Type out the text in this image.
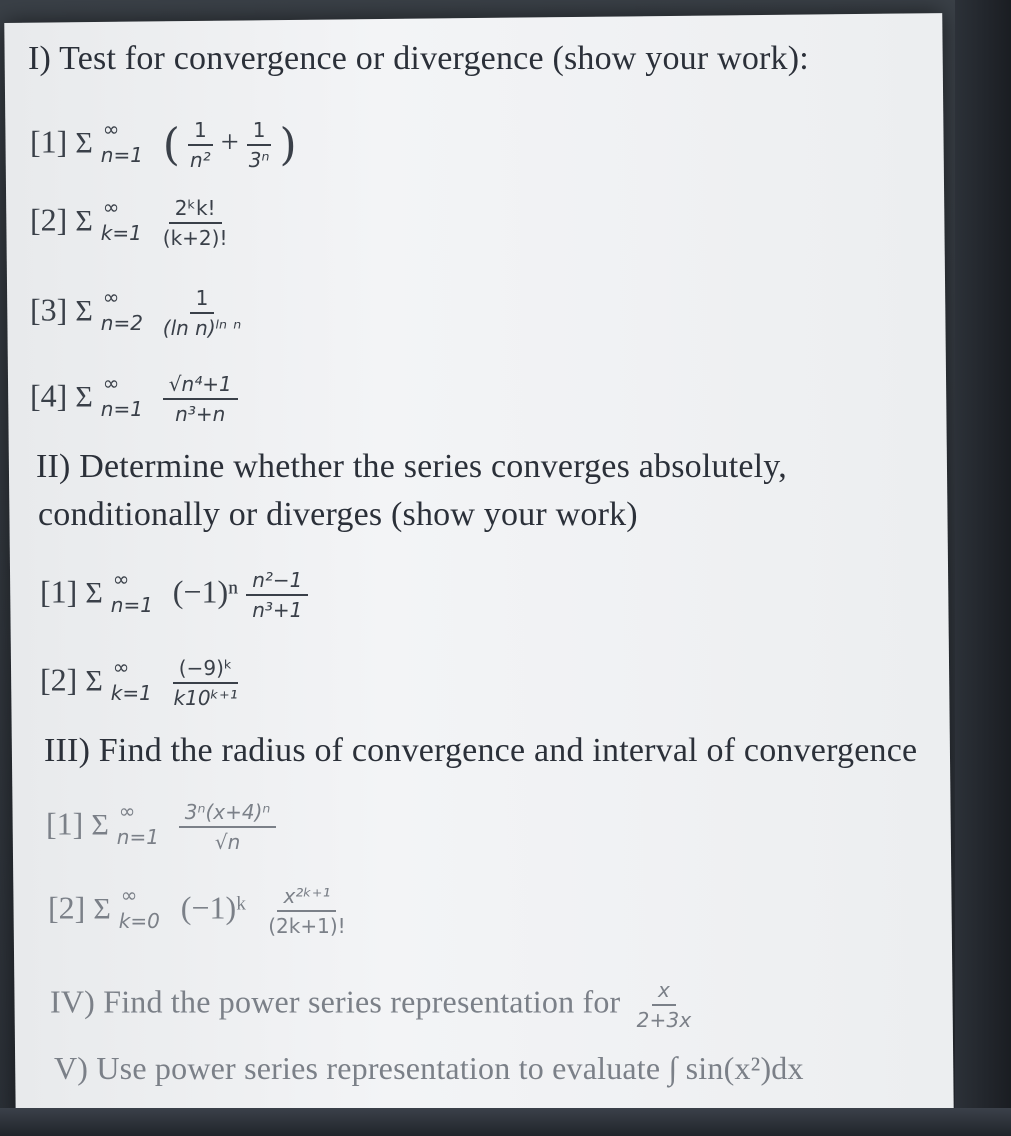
I) Test for convergence or divergence (show your work):
[1] Σ ∞
n=1 ( $\frac{1}{\text{n²}} + \frac{1}{\text{3ⁿ}}$ )
[2] Σ ∞
k=1
$\frac{\text{2ᵏk!}}{(k+2)!}$
[3] Σ ∞
n=2
$\frac{1}{\text{(ln n)ˡⁿ ⁿ}}$
[4] Σ ∞
n=1
$\frac{\text{√n⁴+1}}{\text{n³+n}}$
II) Determine whether the series converges absolutely,
conditionally or diverges (show your work)
[1] Σ ∞
n=1 $(-1)^n \frac{\text{n²−1}}{\text{n³+1}}$
[2] Σ ∞
k=1
$\frac{\text{(−9)ᵏ}}{\text{k10ᵏ⁺¹}}$
III) Find the radius of convergence and interval of convergence
[1] Σ ∞
n=1
$\frac{\text{3ⁿ(x+4)ⁿ}}{√n}$
[2] Σ ∞
k=0 (−1)ᵏ $\frac{\text{x²ᵏ⁺¹}}{(2k+1)!}$
IV) Find the power series representation for $\frac{x}{2+3x}$
V) Use power series representation to evaluate ∫ sin(x²)dx
